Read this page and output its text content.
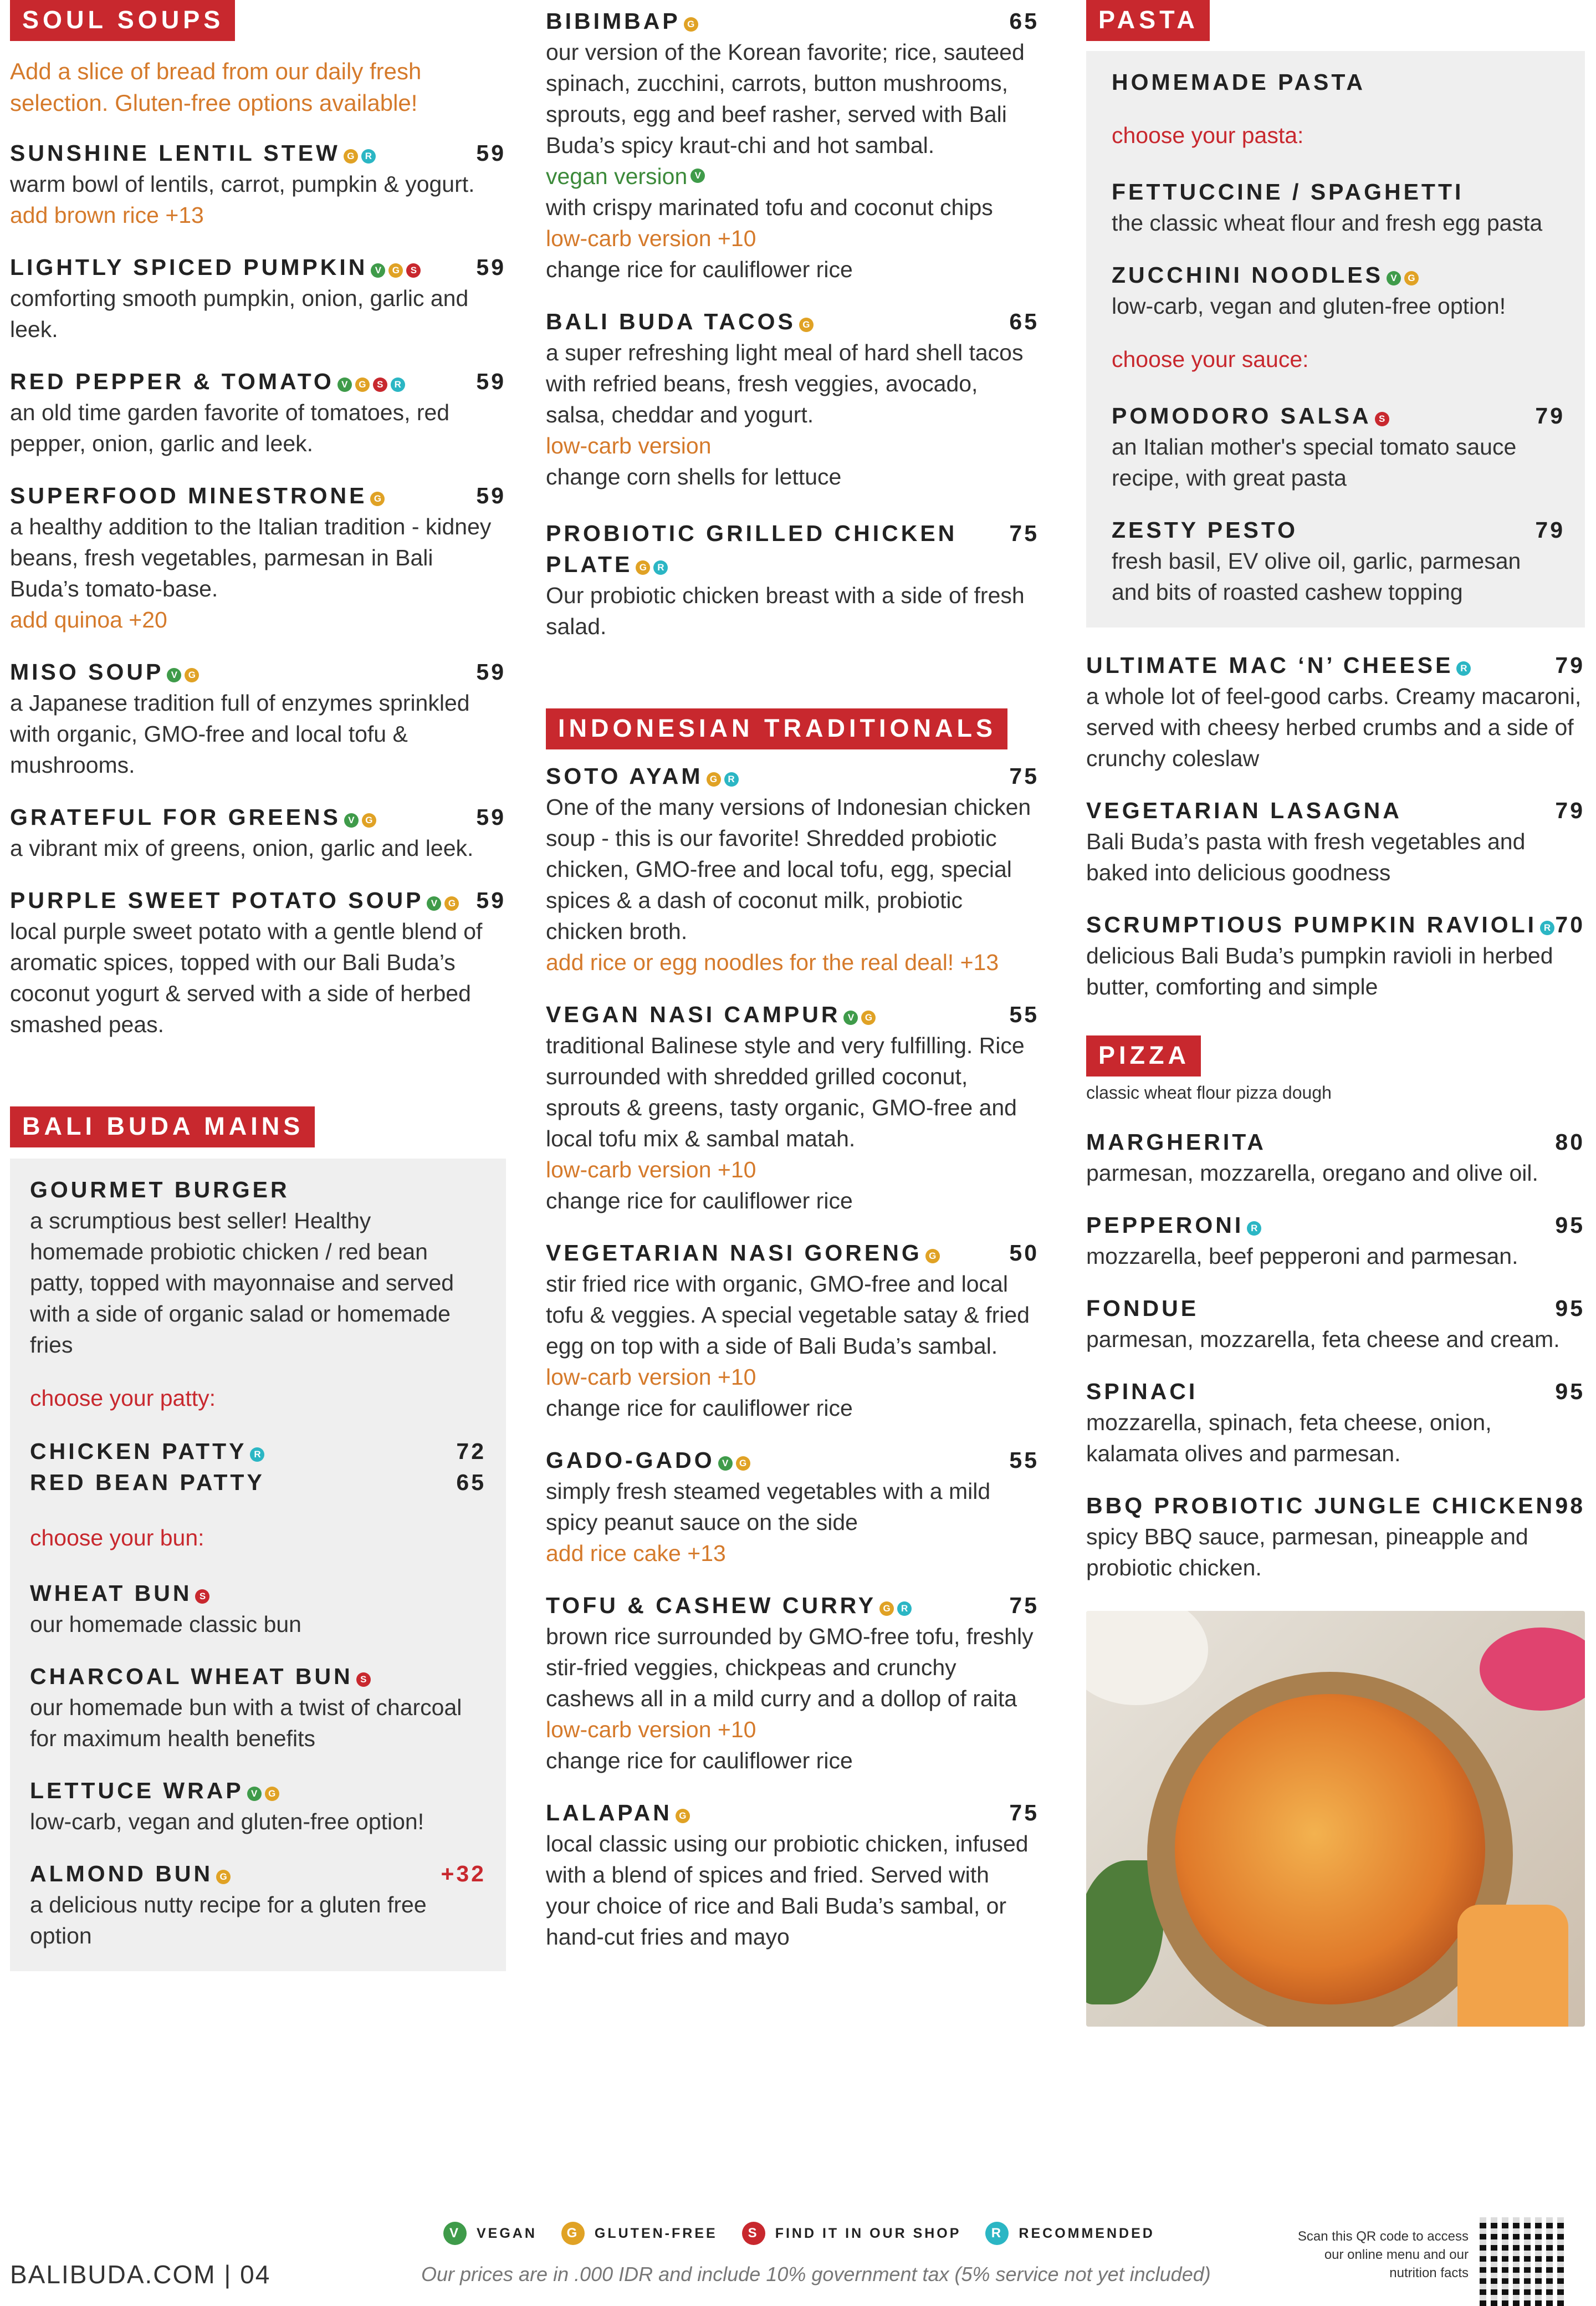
SOUL SOUPS
Add a slice of bread from our daily fresh selection. Gluten-free options available!
SUNSHINE LENTIL STEW G R	59
warm bowl of lentils, carrot, pumpkin & yogurt.
add brown rice +13
LIGHTLY SPICED PUMPKIN V G S	59
comforting smooth pumpkin, onion, garlic and leek.
RED PEPPER & TOMATO V G S R	59
an old time garden favorite of tomatoes, red pepper, onion, garlic and leek.
SUPERFOOD MINESTRONE G	59
a healthy addition to the Italian tradition - kidney beans, fresh vegetables, parmesan in Bali Buda’s tomato-base.
add quinoa +20
MISO SOUP V G	59
a Japanese tradition full of enzymes sprinkled with organic, GMO-free and local tofu & mushrooms.
GRATEFUL FOR GREENS V G	59
a vibrant mix of greens, onion, garlic and leek.
PURPLE SWEET POTATO SOUP V G 59
local purple sweet potato with a gentle blend of aromatic spices, topped with our Bali Buda’s coconut yogurt & served with a side of herbed smashed peas.
BALI BUDA MAINS
GOURMET BURGER
a scrumptious best seller! Healthy homemade probiotic chicken / red bean patty, topped with mayonnaise and served with a side of organic salad or homemade fries
choose your patty:
CHICKEN PATTY R	72
RED BEAN PATTY	65
choose your bun:
WHEAT BUN S
our homemade classic bun
CHARCOAL WHEAT BUN S
our homemade bun with a twist of charcoal for maximum health benefits
LETTUCE WRAP V G
low-carb, vegan and gluten-free option!
ALMOND BUN G	+32
a delicious nutty recipe for a gluten free option
BIBIMBAP G	65
our version of the Korean favorite; rice, sauteed spinach, zucchini, carrots, button mushrooms, sprouts, egg and beef rasher, served with Bali Buda’s spicy kraut-chi and hot sambal.
vegan version V
with crispy marinated tofu and coconut chips
low-carb version +10
change rice for cauliflower rice
BALI BUDA TACOS G	65
a super refreshing light meal of hard shell tacos with refried beans, fresh veggies, avocado, salsa, cheddar and yogurt.
low-carb version
change corn shells for lettuce
PROBIOTIC GRILLED CHICKEN 75
PLATE G R
Our probiotic chicken breast with a side of fresh salad.
INDONESIAN TRADITIONALS
SOTO AYAM G R	75
One of the many versions of Indonesian chicken soup - this is our favorite! Shredded probiotic chicken, GMO-free and local tofu, egg, special spices & a dash of coconut milk, probiotic chicken broth.
add rice or egg noodles for the real deal! +13
VEGAN NASI CAMPUR V G	55
traditional Balinese style and very fulfilling. Rice surrounded with shredded grilled coconut, sprouts & greens, tasty organic, GMO-free and local tofu mix & sambal matah.
low-carb version +10
change rice for cauliflower rice
VEGETARIAN NASI GORENG G	50
stir fried rice with organic, GMO-free and local tofu & veggies. A special vegetable satay & fried egg on top with a side of Bali Buda’s sambal.
low-carb version +10
change rice for cauliflower rice
GADO-GADO V G	55
simply fresh steamed vegetables with a mild spicy peanut sauce on the side
add rice cake +13
TOFU & CASHEW CURRY G R	75
brown rice surrounded by GMO-free tofu, freshly stir-fried veggies, chickpeas and crunchy cashews all in a mild curry and a dollop of raita
low-carb version +10
change rice for cauliflower rice
LALAPAN G	75
local classic using our probiotic chicken, infused with a blend of spices and fried. Served with your choice of rice and Bali Buda’s sambal, or hand-cut fries and mayo
PASTA
HOMEMADE PASTA
choose your pasta:
FETTUCCINE / SPAGHETTI
the classic wheat flour and fresh egg pasta
ZUCCHINI NOODLES V G
low-carb, vegan and gluten-free option!
choose your sauce:
POMODORO SALSA S	79
an Italian mother's special tomato sauce recipe, with great pasta
ZESTY PESTO	79
fresh basil, EV olive oil, garlic, parmesan and bits of roasted cashew topping
ULTIMATE MAC ‘N’ CHEESE R	79
a whole lot of feel-good carbs. Creamy macaroni, served with cheesy herbed crumbs and a side of crunchy coleslaw
VEGETARIAN LASAGNA	79
Bali Buda’s pasta with fresh vegetables and baked into delicious goodness
SCRUMPTIOUS PUMPKIN RAVIOLI R 70
delicious Bali Buda’s pumpkin ravioli in herbed butter, comforting and simple
PIZZA
classic wheat flour pizza dough
MARGHERITA	80
parmesan, mozzarella, oregano and olive oil.
PEPPERONI R	95
mozzarella, beef pepperoni and parmesan.
FONDUE	95
parmesan, mozzarella, feta cheese and cream.
SPINACI	95
mozzarella, spinach, feta cheese, onion, kalamata olives and parmesan.
BBQ PROBIOTIC JUNGLE CHICKEN 98
spicy BBQ sauce, parmesan, pineapple and probiotic chicken.
V	VEGAN	G	GLUTEN-FREE	S	FIND IT IN OUR SHOP	R	RECOMMENDED
BALIBUDA.COM | 04	Our prices are in .000 IDR and include 10% government tax (5% service not yet included)
Scan this QR code to access our online menu and our nutrition facts
